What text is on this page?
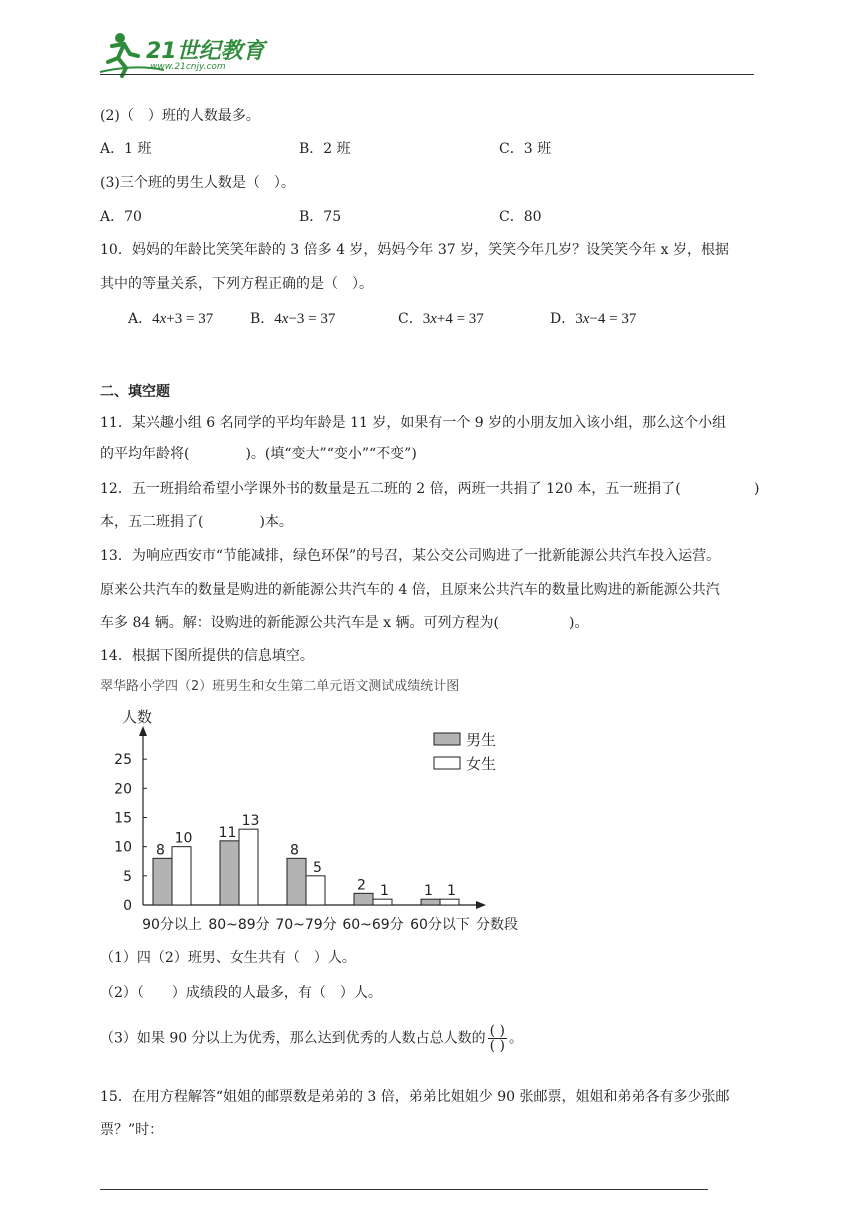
21世纪教育
www.21cnjy.com
(2)（　）班的人数最多。
A．1 班	B．2 班	C．3 班
(3)三个班的男生人数是（　）。
A．70	B．75	C．80
10．妈妈的年龄比笑笑年龄的 3 倍多 4 岁，妈妈今年 37 岁，笑笑今年几岁？设笑笑今年 x 岁，根据
其中的等量关系，下列方程正确的是（　）。
A．4x+3 = 37	B．4x−3 = 37	C．3x+4 = 37	D．3x−4 = 37
二、填空题
11．某兴趣小组 6 名同学的平均年龄是 11 岁，如果有一个 9 岁的小朋友加入该小组，那么这个小组
的平均年龄将(　　　　)。(填“变大”“变小”“不变”)
12．五一班捐给希望小学课外书的数量是五二班的 2 倍，两班一共捐了 120 本，五一班捐了(	)
本，五二班捐了(　　　　)本。
13．为响应西安市“节能减排，绿色环保”的号召，某公交公司购进了一批新能源公共汽车投入运营。
原来公共汽车的数量是购进的新能源公共汽车的 4 倍，且原来公共汽车的数量比购进的新能源公共汽
车多 84 辆。解：设购进的新能源公共汽车是 x 辆。可列方程为(　　　　　)。
14．根据下图所提供的信息填空。
翠华路小学四（2）班男生和女生第二单元语文测试成绩统计图
人数
0
5
10
15
20
25
8
10 11
13
8
5
2 1	1 1
90分以上 80~89分 70~79分 60~69分 60分以下 分数段
男生
女生
（1）四（2）班男、女生共有（　）人。
（2）（　　）成绩段的人最多，有（　）人。
（3）如果 90 分以上为优秀，那么达到优秀的人数占总人数的 $\frac{( )}{( )}$ 。
15．在用方程解答“姐姐的邮票数是弟弟的 3 倍，弟弟比姐姐少 90 张邮票，姐姐和弟弟各有多少张邮
票？”时：
